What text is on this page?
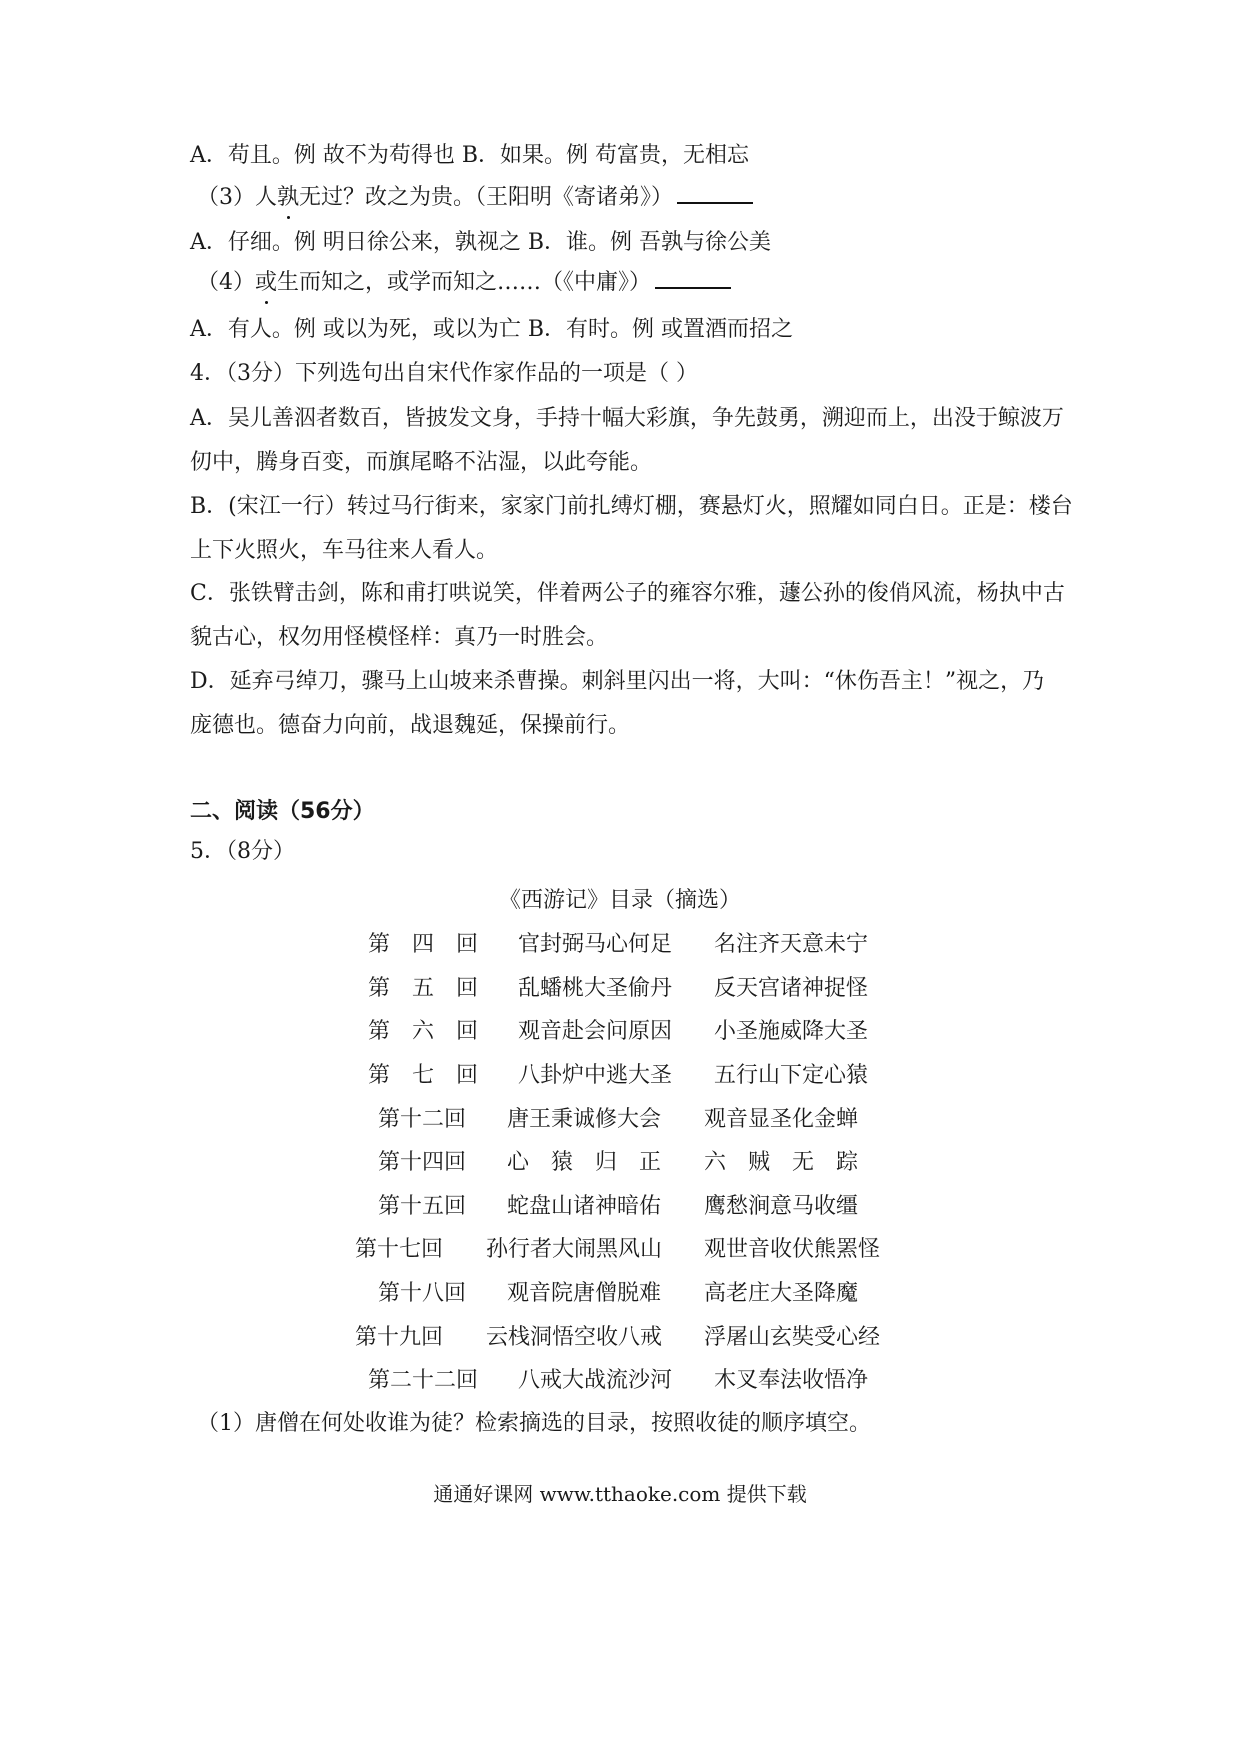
A．苟且。例 故不为苟得也 B．如果。例 苟富贵，无相忘
（3）人孰无过？改之为贵。（王阳明《寄诸弟》）
A．仔细。例 明日徐公来，孰视之 B．谁。例 吾孰与徐公美
（4）或生而知之，或学而知之……（《中庸》）
A．有人。例 或以为死，或以为亡 B．有时。例 或置酒而招之
4．（3分）下列选句出自宋代作家作品的一项是（ ）
A．吴儿善泅者数百，皆披发文身，手持十幅大彩旗，争先鼓勇，溯迎而上，出没于鲸波万
仞中，腾身百变，而旗尾略不沾湿，以此夸能。
B．(宋江一行）转过马行街来，家家门前扎缚灯棚，赛悬灯火，照耀如同白日。正是：楼台
上下火照火，车马往来人看人。
C．张铁臂击剑，陈和甫打哄说笑，伴着两公子的雍容尔雅，蘧公孙的俊俏风流，杨执中古
貌古心，权勿用怪模怪样：真乃一时胜会。
D．延弃弓绰刀，骤马上山坡来杀曹操。刺斜里闪出一将，大叫：“休伤吾主！”视之，乃
庞德也。德奋力向前，战退魏延，保操前行。
二、阅读（56分）
5．（8分）
《西游记》目录（摘选）
第　四　回 官封弼马心何足 名注齐天意未宁
第　五　回 乱蟠桃大圣偷丹 反天宫诸神捉怪
第　六　回 观音赴会问原因 小圣施威降大圣
第　七　回 八卦炉中逃大圣 五行山下定心猿
第十二回 唐王秉诚修大会 观音显圣化金蝉
第十四回 心　猿　归　正 六　贼　无　踪
第十五回 蛇盘山诸神暗佑 鹰愁涧意马收缰
第十七回 孙行者大闹黑风山 观世音收伏熊罴怪
第十八回 观音院唐僧脱难 高老庄大圣降魔
第十九回 云栈洞悟空收八戒 浮屠山玄奘受心经
第二十二回 八戒大战流沙河 木叉奉法收悟净
（1）唐僧在何处收谁为徒？检索摘选的目录，按照收徒的顺序填空。
通通好课网 www.tthaoke.com 提供下载
